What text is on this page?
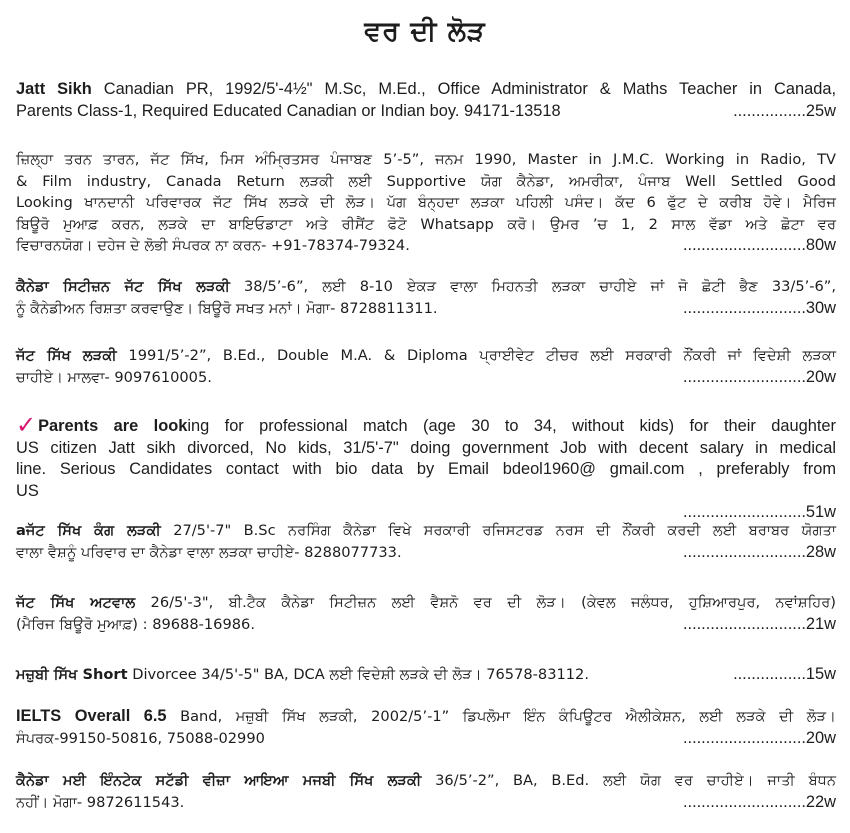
ਵਰ ਦੀ ਲੋੜ
Jatt Sikh Canadian PR, 1992/5'-4½" M.Sc, M.Ed., Office Administrator & Maths Teacher in Canada,
Parents Class-1, Required Educated Canadian or Indian boy. 94171-13518	................25w
ਜ਼ਿਲ੍ਹਾ ਤਰਨ ਤਾਰਨ, ਜੱਟ ਸਿੱਖ, ਮਿਸ ਅੰਮ੍ਰਿਤਸਰ ਪੰਜਾਬਣ 5’-5”, ਜਨਮ 1990, Master in J.M.C. Working in Radio, TV
& Film industry, Canada Return ਲੜਕੀ ਲਈ Supportive ਯੋਗ ਕੈਨੇਡਾ, ਅਮਰੀਕਾ, ਪੰਜਾਬ Well Settled Good
Looking ਖਾਨਦਾਨੀ ਪਰਿਵਾਰਕ ਜੱਟ ਸਿੱਖ ਲੜਕੇ ਦੀ ਲੋੜ। ਪੱਗ ਬੰਨ੍ਹਦਾ ਲੜਕਾ ਪਹਿਲੀ ਪਸੰਦ। ਕੱਦ 6 ਫੁੱਟ ਦੇ ਕਰੀਬ ਹੋਵੇ। ਮੈਰਿਜ
ਬਿਊਰੋ ਮੁਆਫ਼ ਕਰਨ, ਲੜਕੇ ਦਾ ਬਾਇਓਡਾਟਾ ਅਤੇ ਰੀਸੈਂਟ ਫੋਟੋ Whatsapp ਕਰੋ। ਉਮਰ ’ਚ 1, 2 ਸਾਲ ਵੱਡਾ ਅਤੇ ਛੋਟਾ ਵਰ
ਵਿਚਾਰਨਯੋਗ। ਦਹੇਜ ਦੇ ਲੋਭੀ ਸੰਪਰਕ ਨਾ ਕਰਨ- +91-78374-79324.	...........................80w
ਕੈਨੇਡਾ ਸਿਟੀਜ਼ਨ ਜੱਟ ਸਿੱਖ ਲੜਕੀ 38/5’-6”, ਲਈ 8-10 ਏਕੜ ਵਾਲਾ ਮਿਹਨਤੀ ਲੜਕਾ ਚਾਹੀਏ ਜਾਂ ਜੋ ਛੋਟੀ ਭੈਣ 33/5’-6”,
ਨੂੰ ਕੈਨੇਡੀਅਨ ਰਿਸ਼ਤਾ ਕਰਵਾਉਣ। ਬਿਊਰੋ ਸਖਤ ਮਨਾਂ। ਮੋਗਾ- 8728811311.	...........................30w
ਜੱਟ ਸਿੱਖ ਲੜਕੀ 1991/5’-2”, B.Ed., Double M.A. & Diploma ਪ੍ਰਾਈਵੇਟ ਟੀਚਰ ਲਈ ਸਰਕਾਰੀ ਨੌਂਕਰੀ ਜਾਂ ਵਿਦੇਸ਼ੀ ਲੜਕਾ
ਚਾਹੀਏ। ਮਾਲਵਾ- 9097610005.	...........................20w
✓ Parents are looking for professional match (age 30 to 34, without kids) for their daughter
US citizen Jatt sikh divorced, No kids, 31/5'-7" doing government Job with decent salary in medical
line. Serious Candidates contact with bio data by Email bdeol1960@ gmail.com , preferably from
US
...........................51w
aਜੱਟ ਸਿੱਖ ਕੰਗ ਲੜਕੀ 27/5'-7" B.Sc ਨਰਸਿੰਗ ਕੈਨੇਡਾ ਵਿਖੇ ਸਰਕਾਰੀ ਰਜਿਸਟਰਡ ਨਰਸ ਦੀ ਨੌਂਕਰੀ ਕਰਦੀ ਲਈ ਬਰਾਬਰ ਯੋਗਤਾ
ਵਾਲਾ ਵੈਸ਼ਨੂੰ ਪਰਿਵਾਰ ਦਾ ਕੈਨੇਡਾ ਵਾਲਾ ਲੜਕਾ ਚਾਹੀਏ- 8288077733.	...........................28w
ਜੱਟ ਸਿੱਖ ਅਟਵਾਲ 26/5'-3", ਬੀ.ਟੈਕ ਕੈਨੇਡਾ ਸਿਟੀਜ਼ਨ ਲਈ ਵੈਸ਼ਨੋ ਵਰ ਦੀ ਲੋੜ। (ਕੇਵਲ ਜਲੰਧਰ, ਹੁਸ਼ਿਆਰਪੁਰ, ਨਵਾਂਸ਼ਹਿਰ)
(ਮੈਰਿਜ ਬਿਊਰੋ ਮੁਆਫ਼) : 89688-16986.	...........................21w
ਮਜ਼ੁਬੀ ਸਿੱਖ Short Divorcee 34/5'-5" BA, DCA ਲਈ ਵਿਦੇਸ਼ੀ ਲੜਕੇ ਦੀ ਲੋੜ। 76578-83112.	................15w
IELTS Overall 6.5 Band, ਮਜ਼ੁਬੀ ਸਿੱਖ ਲੜਕੀ, 2002/5’-1” ਡਿਪਲੋਮਾ ਇੰਨ ਕੰਪਿਊਟਰ ਐਲੀਕੇਸ਼ਨ, ਲਈ ਲੜਕੇ ਦੀ ਲੋੜ।
ਸੰਪਰਕ-99150-50816, 75088-02990	...........................20w
ਕੈਨੇਡਾ ਮਈ ਇੰਨਟੇਕ ਸਟੱਡੀ ਵੀਜ਼ਾ ਆਇਆ ਮਜਬੀ ਸਿੱਖ ਲੜਕੀ 36/5’-2”, BA, B.Ed. ਲਈ ਯੋਗ ਵਰ ਚਾਹੀਏ। ਜਾਤੀ ਬੰਧਨ
ਨਹੀਂ। ਮੋਗਾ- 9872611543.	...........................22w
